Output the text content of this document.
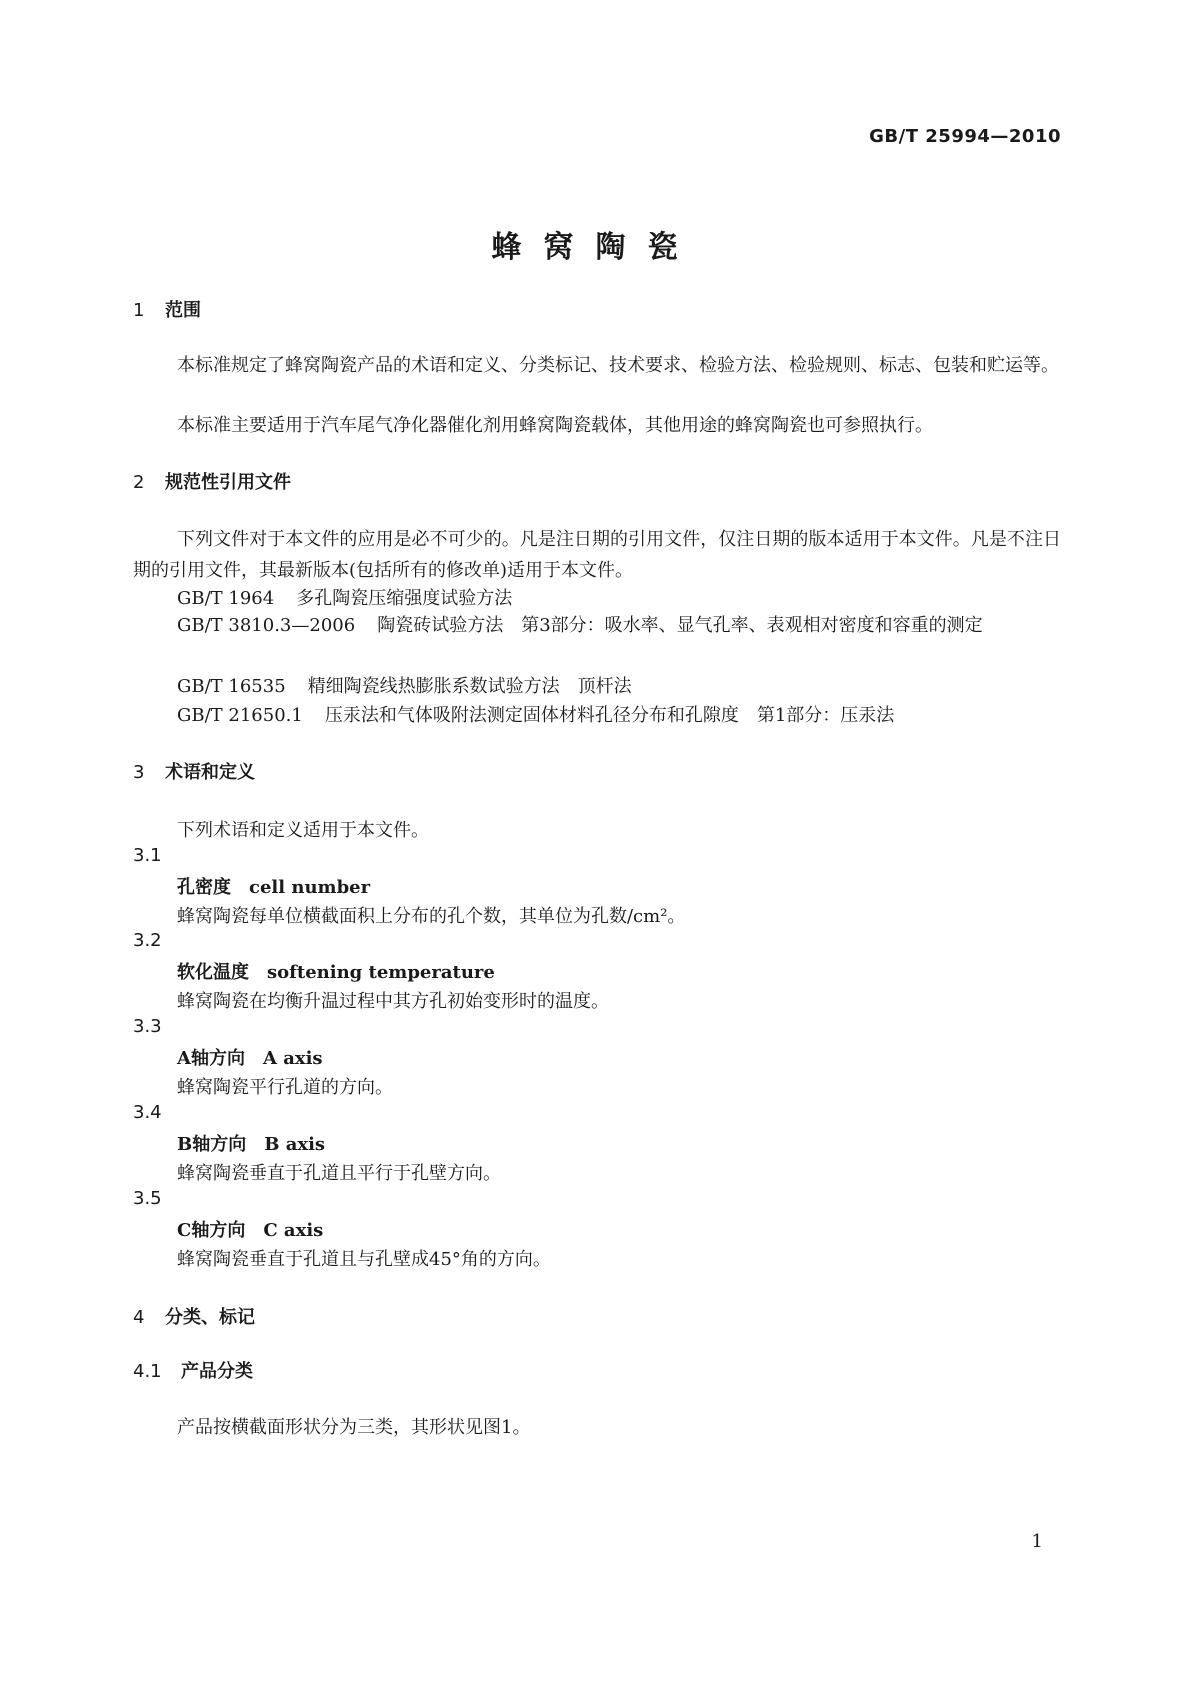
GB/T 25994—2010
蜂窝陶瓷
1 范围
本标准规定了蜂窝陶瓷产品的术语和定义、分类标记、技术要求、检验方法、检验规则、标志、包装和贮运等。
本标准主要适用于汽车尾气净化器催化剂用蜂窝陶瓷载体，其他用途的蜂窝陶瓷也可参照执行。
2 规范性引用文件
下列文件对于本文件的应用是必不可少的。凡是注日期的引用文件，仅注日期的版本适用于本文件。凡是不注日期的引用文件，其最新版本(包括所有的修改单)适用于本文件。
GB/T 1964 多孔陶瓷压缩强度试验方法
GB/T 3810.3—2006 陶瓷砖试验方法　第3部分：吸水率、显气孔率、表观相对密度和容重的测定
GB/T 16535 精细陶瓷线热膨胀系数试验方法　顶杆法
GB/T 21650.1 压汞法和气体吸附法测定固体材料孔径分布和孔隙度　第1部分：压汞法
3 术语和定义
下列术语和定义适用于本文件。
3.1
孔密度 cell number
蜂窝陶瓷每单位横截面积上分布的孔个数，其单位为孔数/cm²。
3.2
软化温度 softening temperature
蜂窝陶瓷在均衡升温过程中其方孔初始变形时的温度。
3.3
A轴方向 A axis
蜂窝陶瓷平行孔道的方向。
3.4
B轴方向 B axis
蜂窝陶瓷垂直于孔道且平行于孔壁方向。
3.5
C轴方向 C axis
蜂窝陶瓷垂直于孔道且与孔壁成45°角的方向。
4 分类、标记
4.1 产品分类
产品按横截面形状分为三类，其形状见图1。
1
